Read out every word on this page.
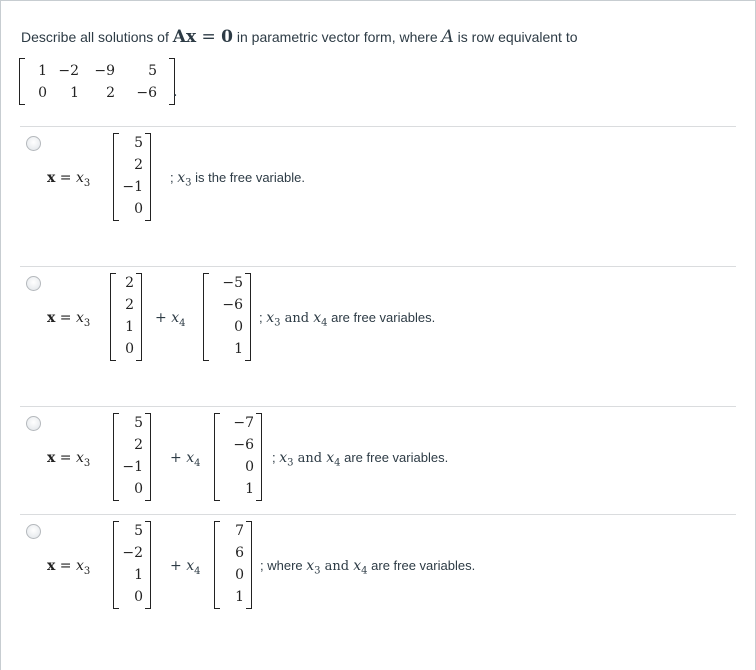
Describe all solutions of Ax = 0 in parametric vector form, where A is row equivalent to
1 −2	−9	5
0	1	2	−6 .
$x = x_3$
5
2
−1
0
; $x_3$ is the free variable.
$x = x_3$
2
2
1
0
+ $x_4$
−5
−6
0
1
; $x_3$ and $x_4$ are free variables.
$x = x_3$
5
2
−1
0
+ $x_4$
−7
−6
0
1
; $x_3$ and $x_4$ are free variables.
$x = x_3$
5
−2
1
0
+ $x_4$
7
6
0
1
; where $x_3$ and $x_4$ are free variables.
